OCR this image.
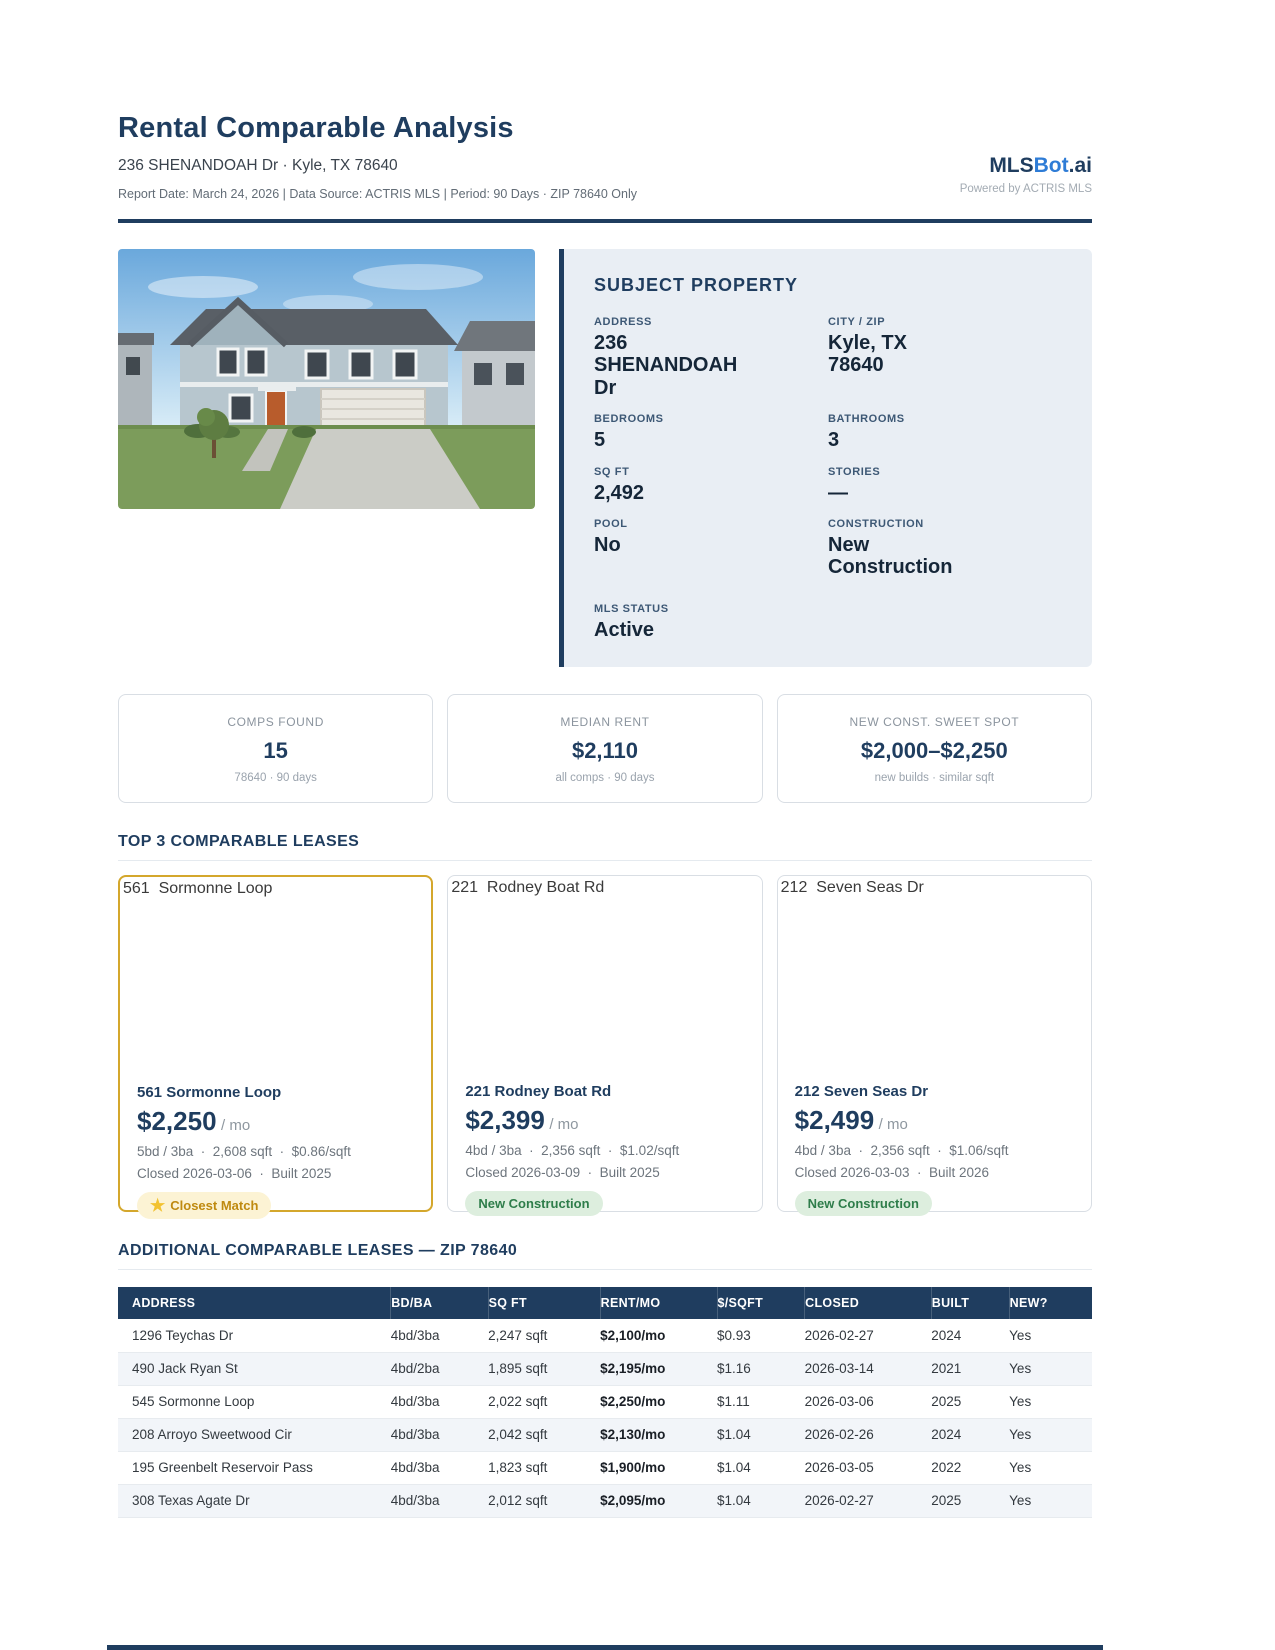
Rental Comparable Analysis
236 SHENANDOAH Dr · Kyle, TX 78640
Report Date: March 24, 2026 | Data Source: ACTRIS MLS | Period: 90 Days · ZIP 78640 Only
MLSBot.ai
Powered by ACTRIS MLS
SUBJECT PROPERTY
ADDRESS
236 SHENANDOAH Dr
CITY / ZIP
Kyle, TX 78640
BEDROOMS
5
BATHROOMS
3
SQ FT
2,492
STORIES
—
POOL
No
CONSTRUCTION
New Construction
MLS STATUS
Active
COMPS FOUND
15
78640 · 90 days
MEDIAN RENT
$2,110
all comps · 90 days
NEW CONST. SWEET SPOT
$2,000–$2,250
new builds · similar sqft
TOP 3 COMPARABLE LEASES
561  Sormonne Loop
561 Sormonne Loop
$2,250 / mo
5bd / 3ba  ·  2,608 sqft  ·  $0.86/sqft
Closed 2026-03-06  ·  Built 2025
★ Closest Match
221  Rodney Boat Rd
221 Rodney Boat Rd
$2,399 / mo
4bd / 3ba  ·  2,356 sqft  ·  $1.02/sqft
Closed 2026-03-09  ·  Built 2025
New Construction
212  Seven Seas Dr
212 Seven Seas Dr
$2,499 / mo
4bd / 3ba  ·  2,356 sqft  ·  $1.06/sqft
Closed 2026-03-03  ·  Built 2026
New Construction
ADDITIONAL COMPARABLE LEASES — ZIP 78640
ADDRESS	BD/BA	SQ FT	RENT/MO	$/SQFT	CLOSED	BUILT	NEW?
1296 Teychas Dr	4bd/3ba	2,247 sqft	$2,100/mo	$0.93	2026-02-27	2024	Yes
490 Jack Ryan St	4bd/2ba	1,895 sqft	$2,195/mo	$1.16	2026-03-14	2021	Yes
545 Sormonne Loop	4bd/3ba	2,022 sqft	$2,250/mo	$1.11	2026-03-06	2025	Yes
208 Arroyo Sweetwood Cir	4bd/3ba	2,042 sqft	$2,130/mo	$1.04	2026-02-26	2024	Yes
195 Greenbelt Reservoir Pass	4bd/3ba	1,823 sqft	$1,900/mo	$1.04	2026-03-05	2022	Yes
308 Texas Agate Dr	4bd/3ba	2,012 sqft	$2,095/mo	$1.04	2026-02-27	2025	Yes
